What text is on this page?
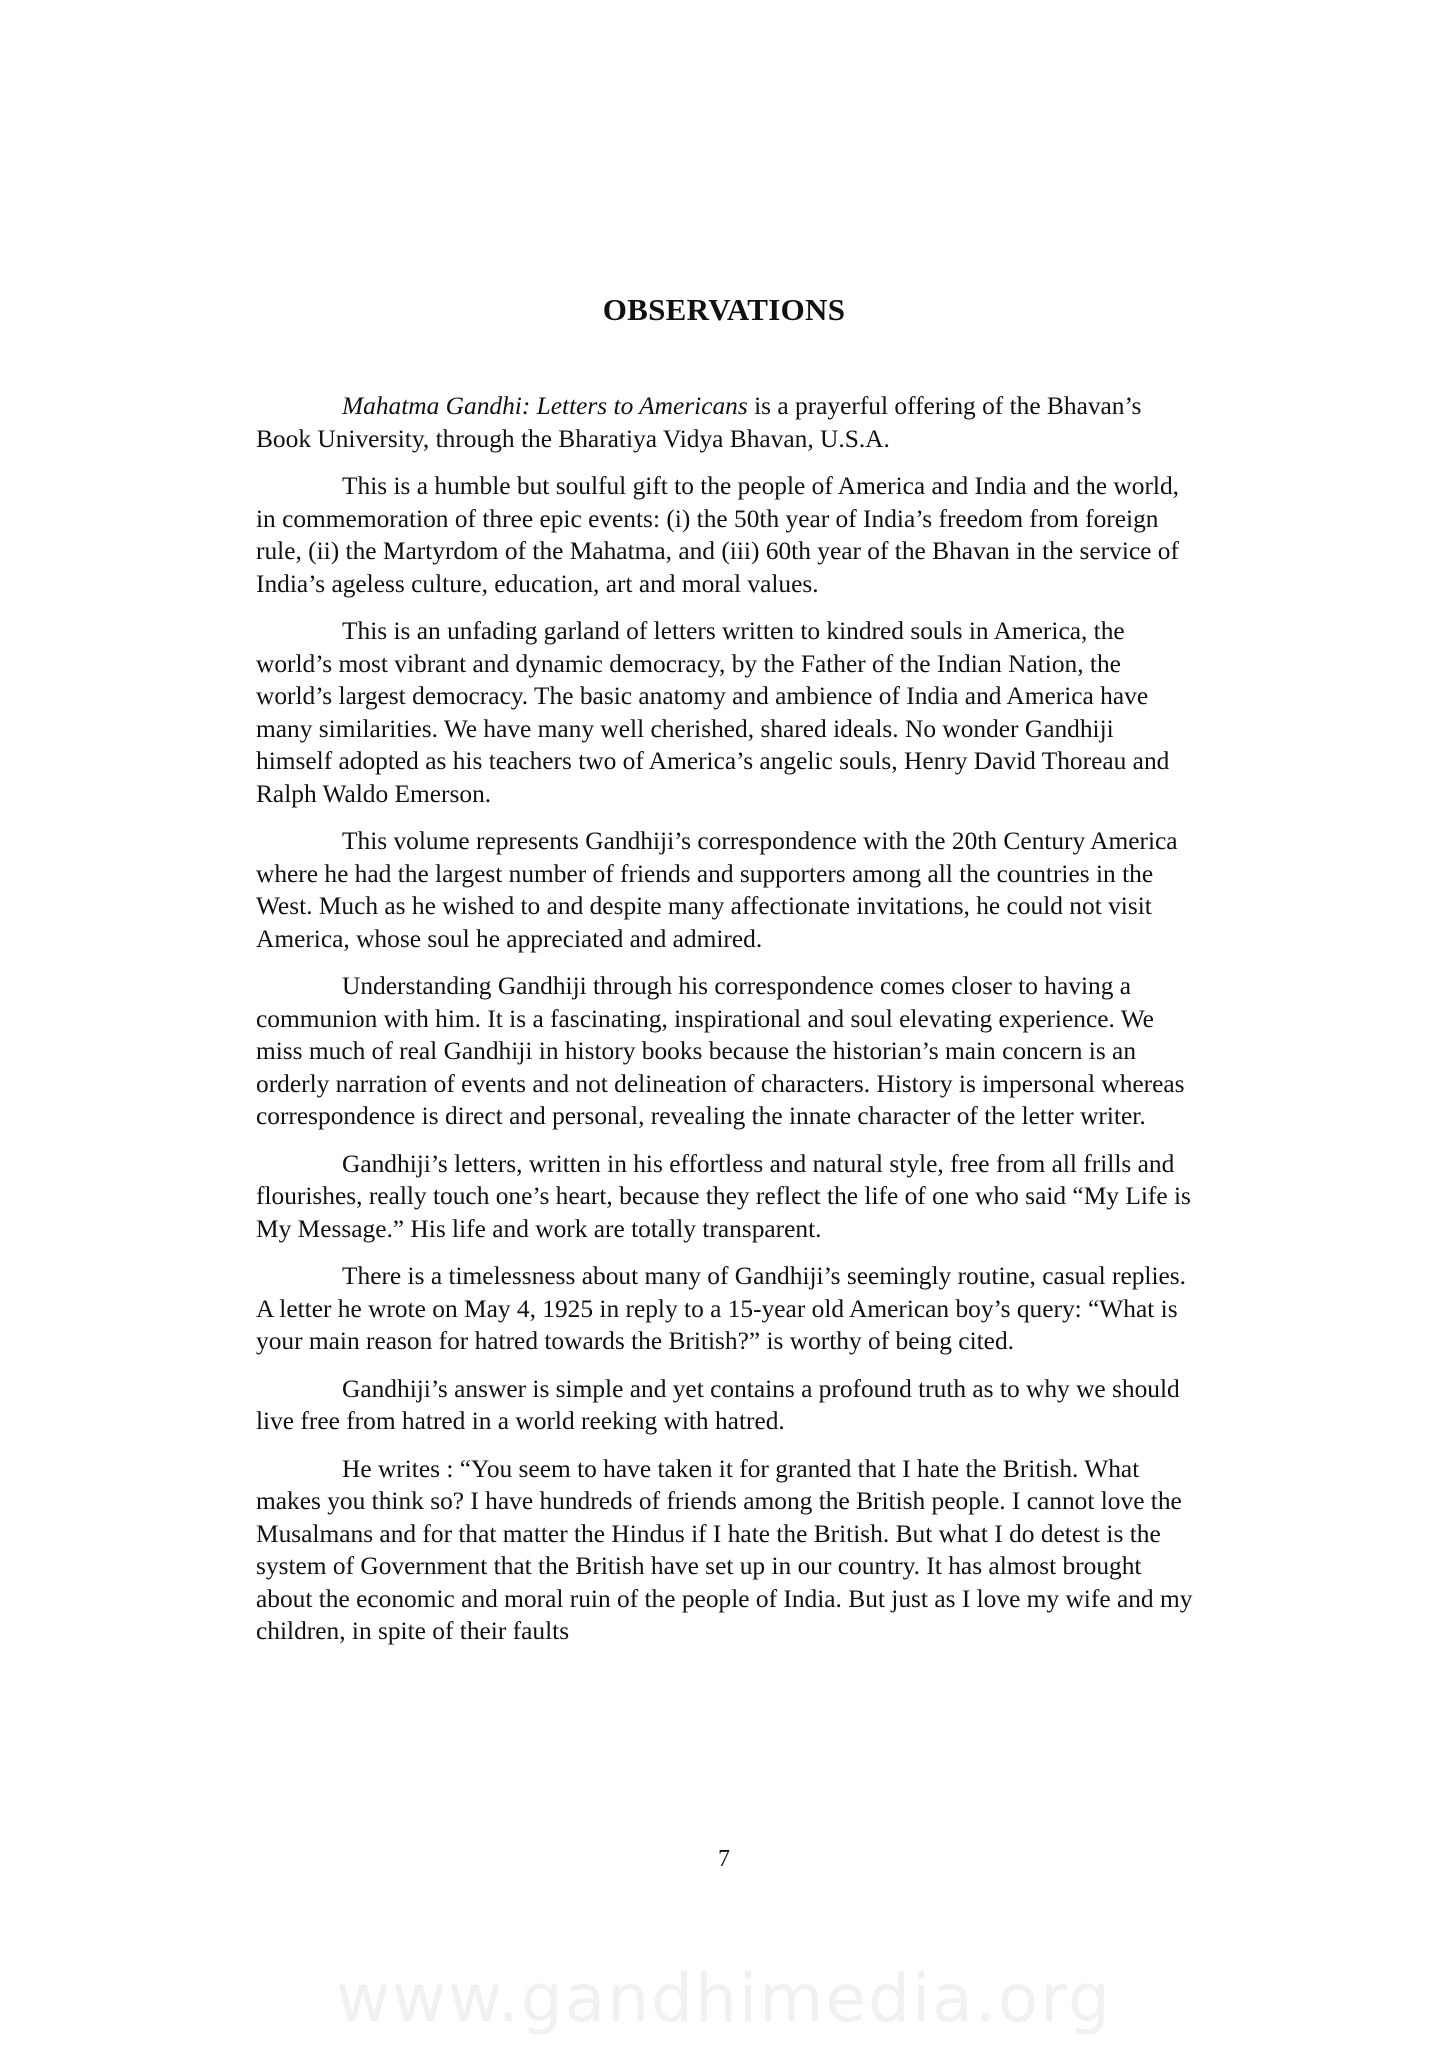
OBSERVATIONS

Mahatma Gandhi: Letters to Americans is a prayerful offering of the Bhavan’s Book University, through the Bharatiya Vidya Bhavan, U.S.A.

This is a humble but soulful gift to the people of America and India and the world, in commemoration of three epic events: (i) the 50th year of India’s freedom from foreign rule, (ii) the Martyrdom of the Mahatma, and (iii) 60th year of the Bhavan in the service of India’s ageless culture, education, art and moral values.

This is an unfading garland of letters written to kindred souls in America, the world’s most vibrant and dynamic democracy, by the Father of the Indian Nation, the world’s largest democracy. The basic anatomy and ambience of India and America have many similarities. We have many well cherished, shared ideals. No wonder Gandhiji himself adopted as his teachers two of America’s angelic souls, Henry David Thoreau and Ralph Waldo Emerson.

This volume represents Gandhiji’s correspondence with the 20th Century America where he had the largest number of friends and supporters among all the countries in the West. Much as he wished to and despite many affectionate invitations, he could not visit America, whose soul he appreciated and admired.

Understanding Gandhiji through his correspondence comes closer to having a communion with him. It is a fascinating, inspirational and soul elevating experience. We miss much of real Gandhiji in history books because the historian’s main concern is an orderly narration of events and not delineation of characters. History is impersonal whereas correspondence is direct and personal, revealing the innate character of the letter writer.

Gandhiji’s letters, written in his effortless and natural style, free from all frills and flourishes, really touch one’s heart, because they reflect the life of one who said “My Life is My Message.” His life and work are totally transparent.

There is a timelessness about many of Gandhiji’s seemingly routine, casual replies. A letter he wrote on May 4, 1925 in reply to a 15-year old American boy’s query: “What is your main reason for hatred towards the British?” is worthy of being cited.

Gandhiji’s answer is simple and yet contains a profound truth as to why we should live free from hatred in a world reeking with hatred.

He writes : “You seem to have taken it for granted that I hate the British. What makes you think so? I have hundreds of friends among the British people. I cannot love the Musalmans and for that matter the Hindus if I hate the British. But what I do detest is the system of Government that the British have set up in our country. It has almost brought about the economic and moral ruin of the people of India. But just as I love my wife and my children, in spite of their faults

7
www.gandhimedia.org
